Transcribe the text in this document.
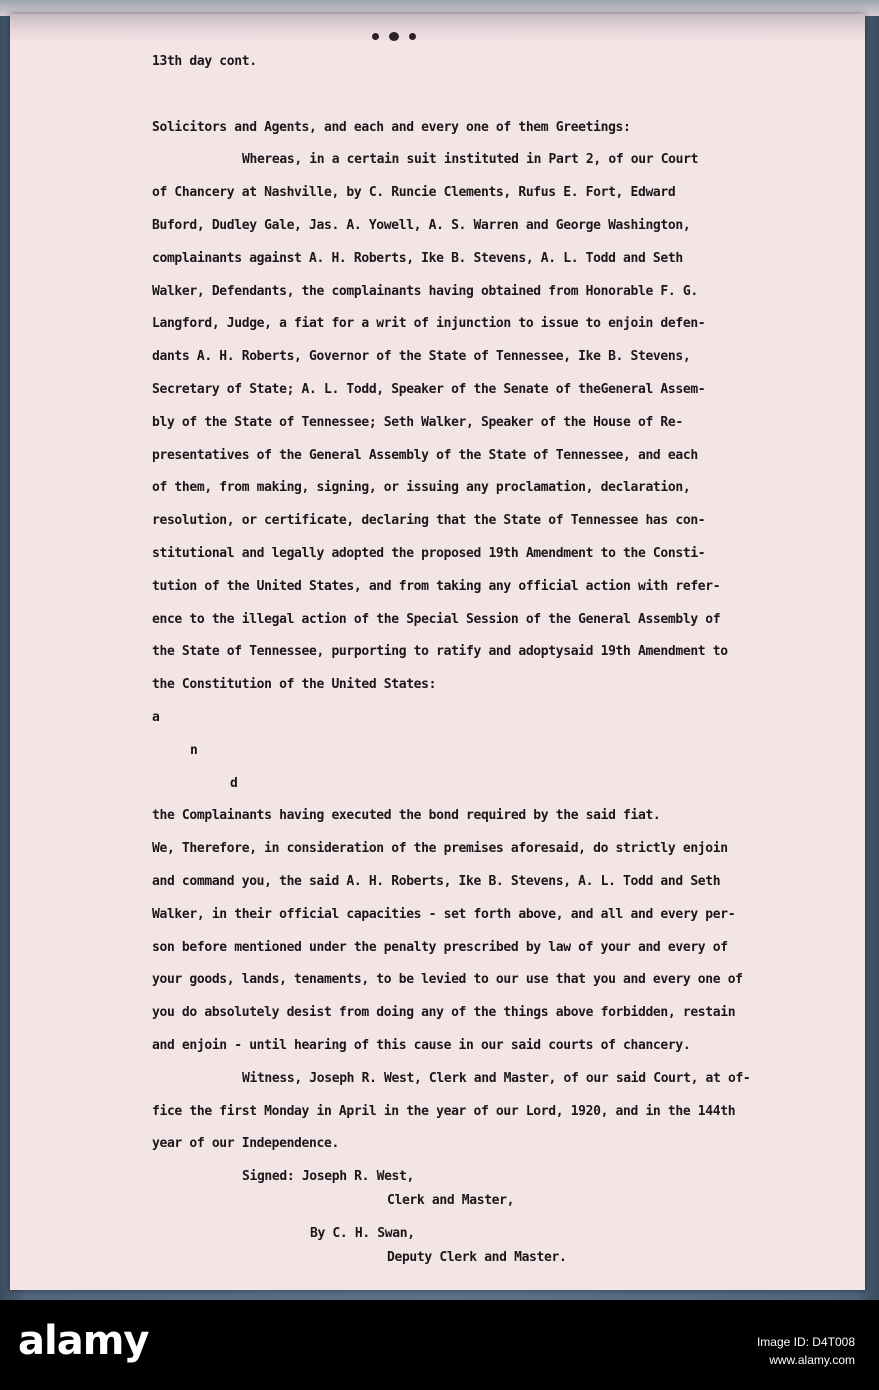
13th day cont.
Solicitors and Agents, and each and every one of them Greetings:
Whereas, in a certain suit instituted in Part 2, of our Court
of Chancery at Nashville, by C. Runcie Clements, Rufus E. Fort, Edward
Buford, Dudley Gale, Jas. A. Yowell, A. S. Warren and George Washington,
complainants against A. H. Roberts, Ike B. Stevens, A. L. Todd and Seth
Walker, Defendants, the complainants having obtained from Honorable F. G.
Langford, Judge, a fiat for a writ of injunction to issue to enjoin defen-
dants A. H. Roberts, Governor of the State of Tennessee, Ike B. Stevens,
Secretary of State; A. L. Todd, Speaker of the Senate of theGeneral Assem-
bly of the State of Tennessee; Seth Walker, Speaker of the House of Re-
presentatives of the General Assembly of the State of Tennessee, and each
of them, from making, signing, or issuing any proclamation, declaration,
resolution, or certificate, declaring that the State of Tennessee has con-
stitutional and legally adopted the proposed 19th Amendment to the Consti-
tution of the United States, and from taking any official action with refer-
ence to the illegal action of the Special Session of the General Assembly of
the State of Tennessee, purporting to ratify and adoptysaid 19th Amendment to
the Constitution of the United States:
a
n
d
the Complainants having executed the bond required by the said fiat.
We, Therefore, in consideration of the premises aforesaid, do strictly enjoin
and command you, the said A. H. Roberts, Ike B. Stevens, A. L. Todd and Seth
Walker, in their official capacities - set forth above, and all and every per-
son before mentioned under the penalty prescribed by law of your and every of
your goods, lands, tenaments, to be levied to our use that you and every one of
you do absolutely desist from doing any of the things above forbidden, restain
and enjoin - until hearing of this cause in our said courts of chancery.
Witness, Joseph R. West, Clerk and Master, of our said Court, at of-
fice the first Monday in April in the year of our Lord, 1920, and in the 144th
year of our Independence.
Signed: Joseph R. West,
Clerk and Master,
By C. H. Swan,
Deputy Clerk and Master.
alamy	Image ID: D4T008
www.alamy.com
